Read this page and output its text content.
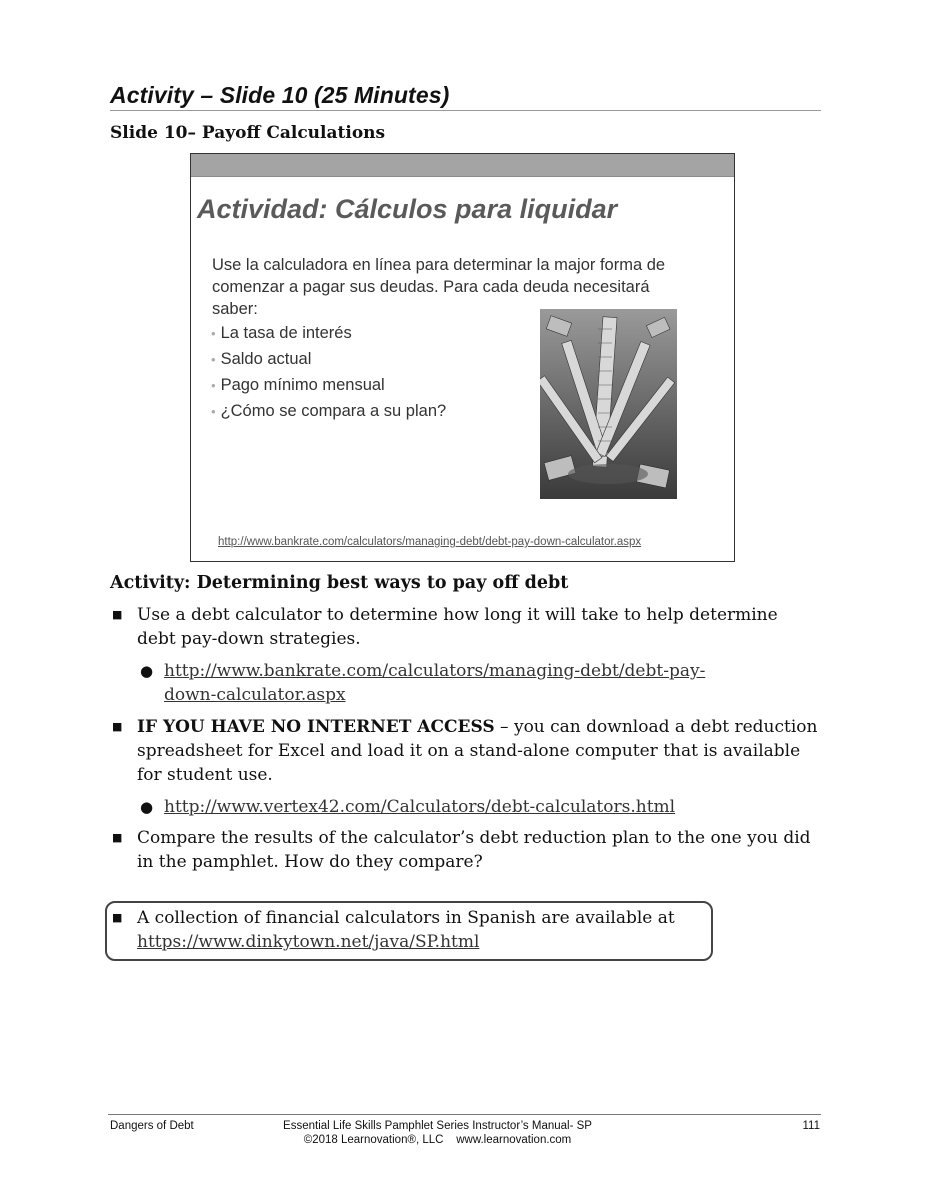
Activity – Slide 10 (25 Minutes)
Slide 10– Payoff Calculations
Actividad: Cálculos para liquidar

Use la calculadora en línea para determinar la major forma de comenzar a pagar sus deudas. Para cada deuda necesitará saber:

• La tasa de interés
• Saldo actual
• Pago mínimo mensual
• ¿Cómo se compara a su plan?

http://www.bankrate.com/calculators/managing-debt/debt-pay-down-calculator.aspx

Activity: Determining best ways to pay off debt
■ Use a debt calculator to determine how long it will take to help determine debt pay-down strategies.

● http://www.bankrate.com/calculators/managing-debt/debt-pay-
down-calculator.aspx

■ IF YOU HAVE NO INTERNET ACCESS – you can download a debt reduction spreadsheet for Excel and load it on a stand-alone computer that is available for student use.

● http://www.vertex42.com/Calculators/debt-calculators.html

■ Compare the results of the calculator’s debt reduction plan to the one you did in the pamphlet. How do they compare?

■ A collection of financial calculators in Spanish are available at
https://www.dinkytown.net/java/SP.html

Dangers of Debt	Essential Life Skills Pamphlet Series Instructor’s Manual- SP
©2018 Learnovation®, LLC    www.learnovation.com

111
